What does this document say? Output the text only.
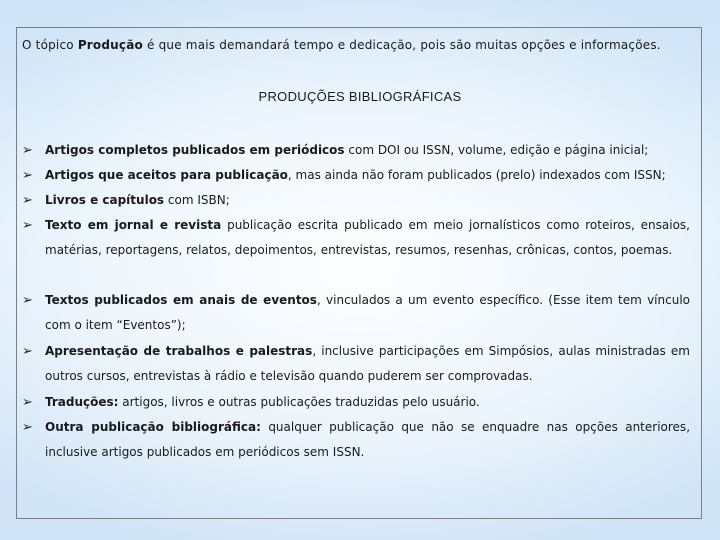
O tópico Produção é que mais demandará tempo e dedicação, pois são muitas opções e informações.
PRODUÇÕES BIBLIOGRÁFICAS
➢	Artigos completos publicados em periódicos com DOI ou ISSN, volume, edição e página inicial;
➢	Artigos que aceitos para publicação, mas ainda não foram publicados (prelo) indexados com ISSN;
➢	Livros e capítulos com ISBN;
➢	Texto em jornal e revista publicação escrita publicado em meio jornalísticos como roteiros, ensaios, matérias, reportagens, relatos, depoimentos, entrevistas, resumos, resenhas, crônicas, contos, poemas.
➢	Textos publicados em anais de eventos, vinculados a um evento específico. (Esse item tem vínculo com o item “Eventos”);
➢	Apresentação de trabalhos e palestras, inclusive participações em Simpósios, aulas ministradas em outros cursos, entrevistas à rádio e televisão quando puderem ser comprovadas.
➢	Traduções: artigos, livros e outras publicações traduzidas pelo usuário.
➢	Outra publicação bibliográfica: qualquer publicação que não se enquadre nas opções anteriores, inclusive artigos publicados em periódicos sem ISSN.
